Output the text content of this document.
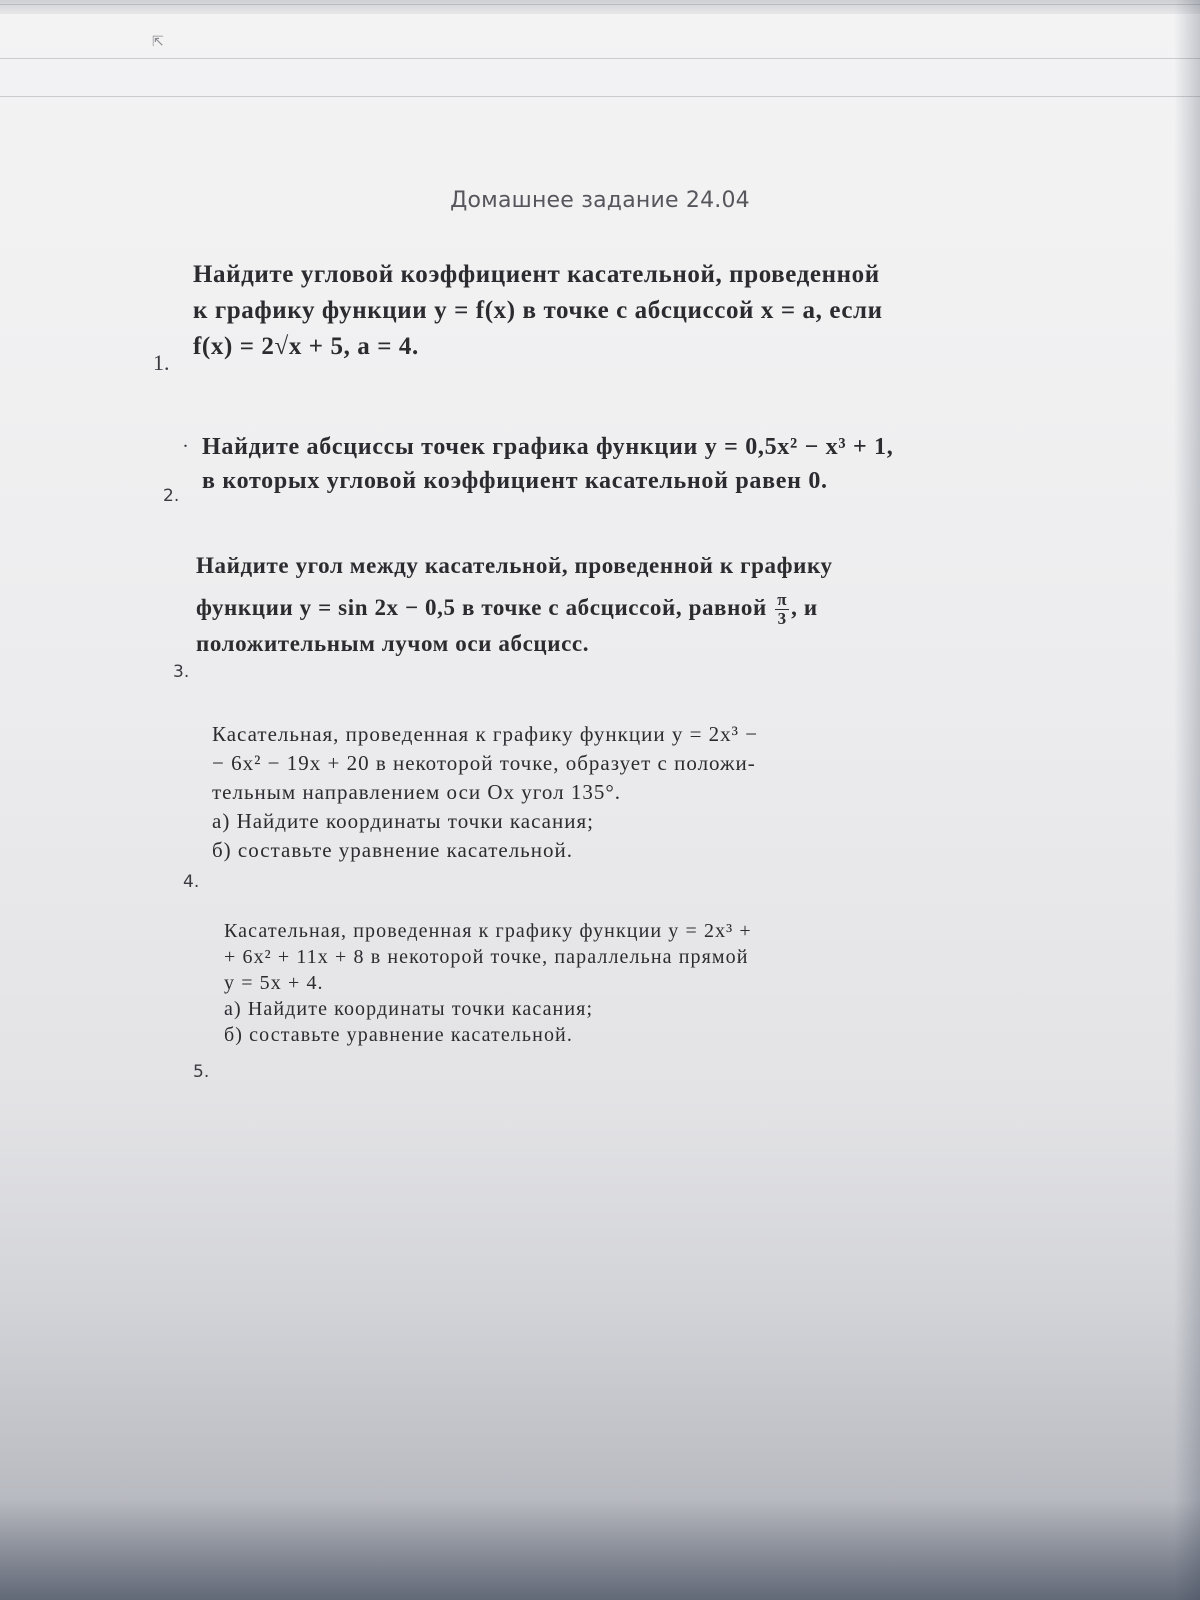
⇱
Домашнее задание 24.04
Найдите угловой коэффициент касательной, проведенной
к графику функции y = f(x) в точке с абсциссой x = a, если
f(x) = 2√x + 5, a = 4.
1.
. Найдите абсциссы точек графика функции y = 0,5x² − x³ + 1,
в которых угловой коэффициент касательной равен 0.
2.
Найдите угол между касательной, проведенной к графику
функции y = sin 2x − 0,5 в точке с абсциссой, равной $\frac{\pi}{3}$ , и
положительным лучом оси абсцисс.
3.
Касательная, проведенная к графику функции y = 2x³ −
− 6x² − 19x + 20 в некоторой точке, образует с положи-
тельным направлением оси Ox угол 135°.
а) Найдите координаты точки касания;
б) составьте уравнение касательной.
4.
Касательная, проведенная к графику функции y = 2x³ +
+ 6x² + 11x + 8 в некоторой точке, параллельна прямой
y = 5x + 4.
а) Найдите координаты точки касания;
б) составьте уравнение касательной.
5.
